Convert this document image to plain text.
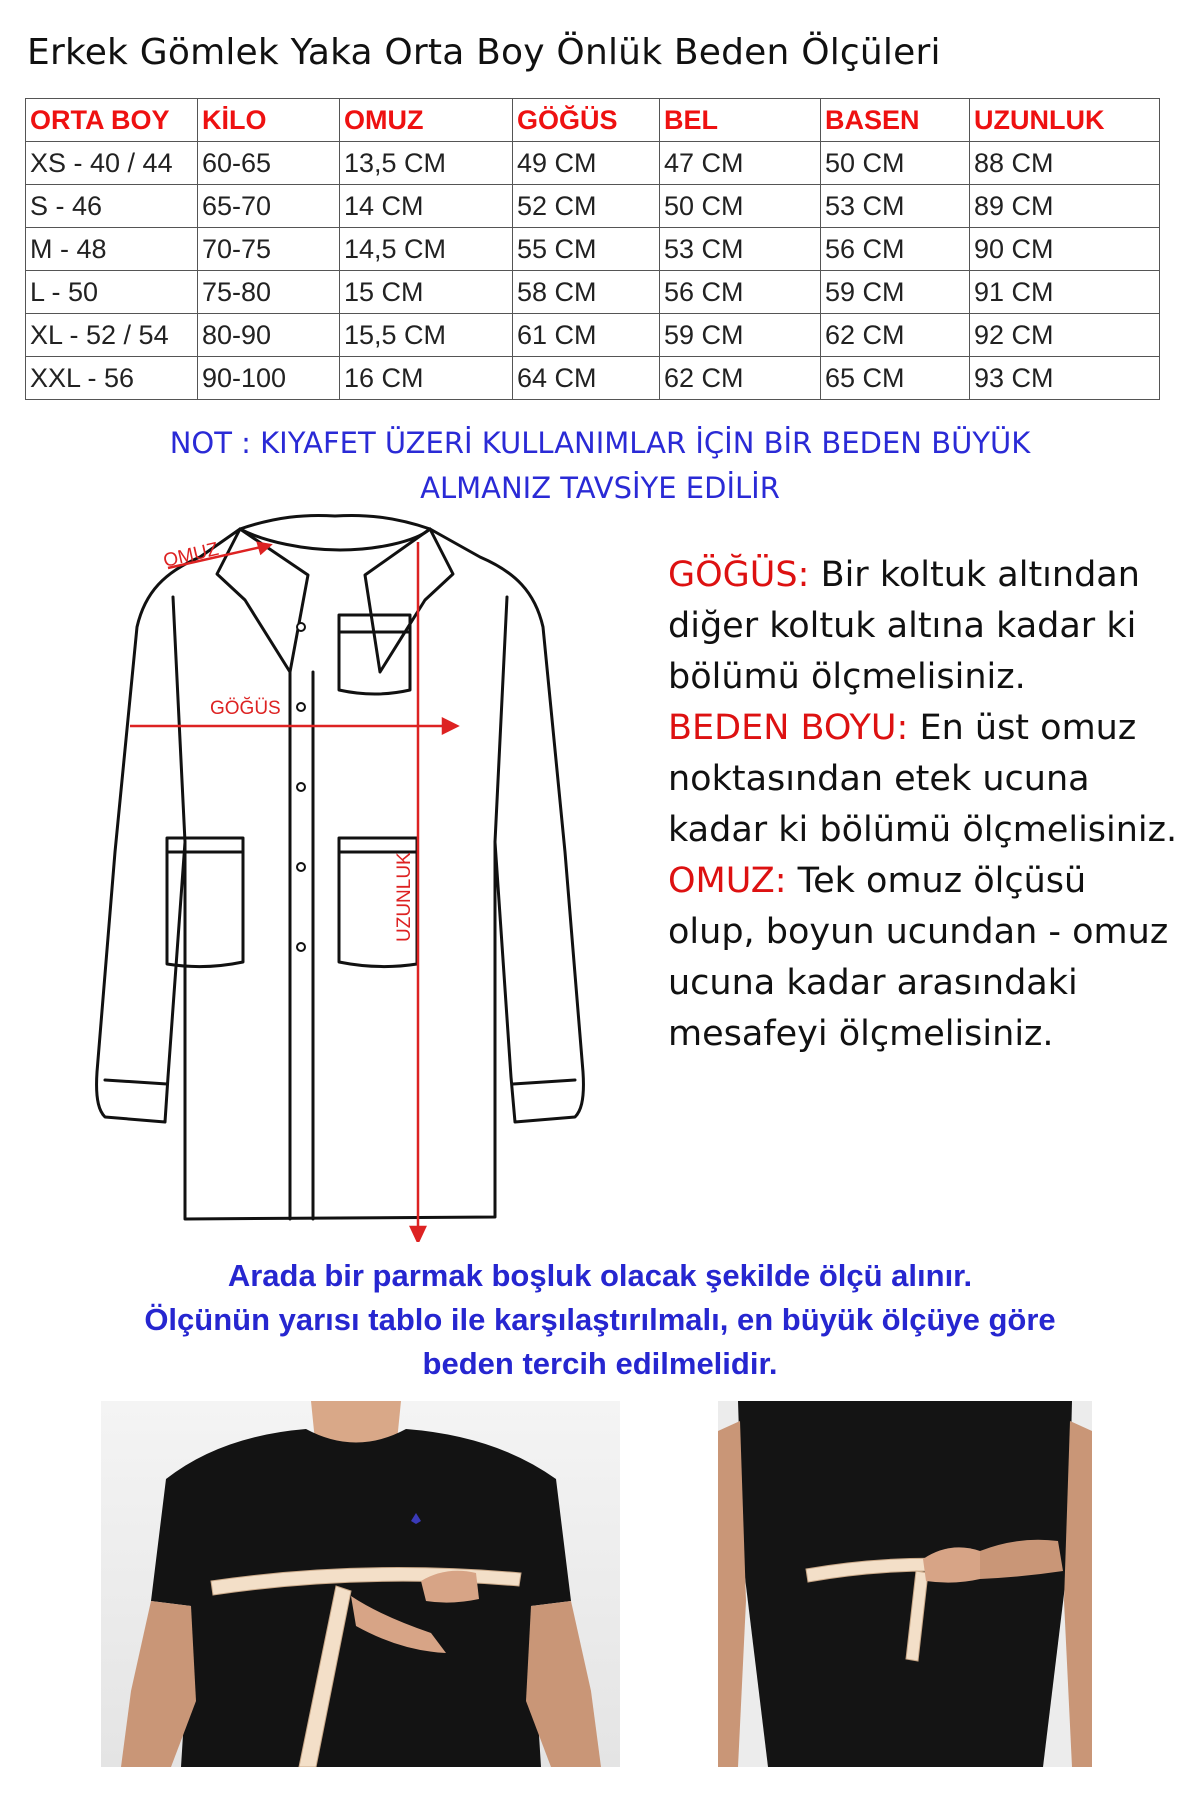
Erkek Gömlek Yaka Orta Boy Önlük Beden Ölçüleri
ORTA BOY	KİLO	OMUZ	GÖĞÜS	BEL	BASEN	UZUNLUK
XS - 40 / 44	60-65	13,5 CM	49 CM	47 CM	50 CM	88 CM
S - 46	65-70	14 CM	52 CM	50 CM	53 CM	89 CM
M - 48	70-75	14,5 CM	55 CM	53 CM	56 CM	90 CM
L - 50	75-80	15 CM	58 CM	56 CM	59 CM	91 CM
XL - 52 / 54	80-90	15,5 CM	61 CM	59 CM	62 CM	92 CM
XXL - 56	90-100	16 CM	64 CM	62 CM	65 CM	93 CM
NOT : KIYAFET ÜZERİ KULLANIMLAR İÇİN BİR BEDEN BÜYÜK
ALMANIZ TAVSİYE EDİLİR
OMUZ
GÖĞÜS
UZUNLUK
GÖĞÜS: Bir koltuk altından diğer koltuk altına kadar ki bölümü ölçmelisiniz.
BEDEN BOYU: En üst omuz noktasından etek ucuna kadar ki bölümü ölçmelisiniz.
OMUZ: Tek omuz ölçüsü olup, boyun ucundan - omuz ucuna kadar arasındaki mesafeyi ölçmelisiniz.
Arada bir parmak boşluk olacak şekilde ölçü alınır.
Ölçünün yarısı tablo ile karşılaştırılmalı, en büyük ölçüye göre
beden tercih edilmelidir.
